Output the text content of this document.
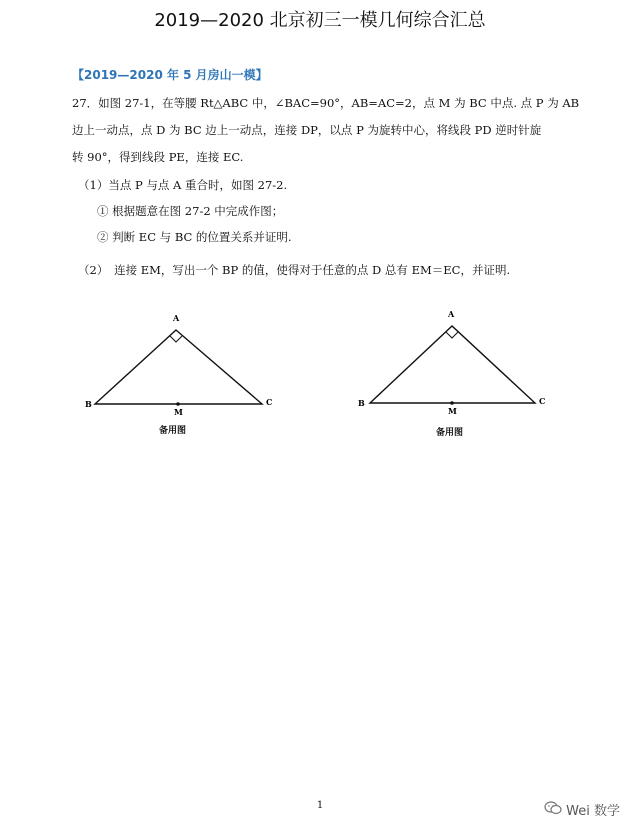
2019—2020 北京初三一模几何综合汇总
【2019—2020 年 5 月房山一模】
27．如图 27-1，在等腰 Rt△ABC 中，∠BAC=90°，AB=AC=2，点 M 为 BC 中点. 点 P 为 AB
边上一动点，点 D 为 BC 边上一动点，连接 DP，以点 P 为旋转中心，将线段 PD 逆时针旋
转 90°，得到线段 PE，连接 EC.
（1）当点 P 与点 A 重合时，如图 27-2.
① 根据题意在图 27-2 中完成作图；
② 判断 EC 与 BC 的位置关系并证明.
（2）　连接 EM，写出一个 BP 的值，使得对于任意的点 D 总有 EM＝EC，并证明.
A
B	C
M
备用图
A
B	C
M
备用图
1	Wei 数学
